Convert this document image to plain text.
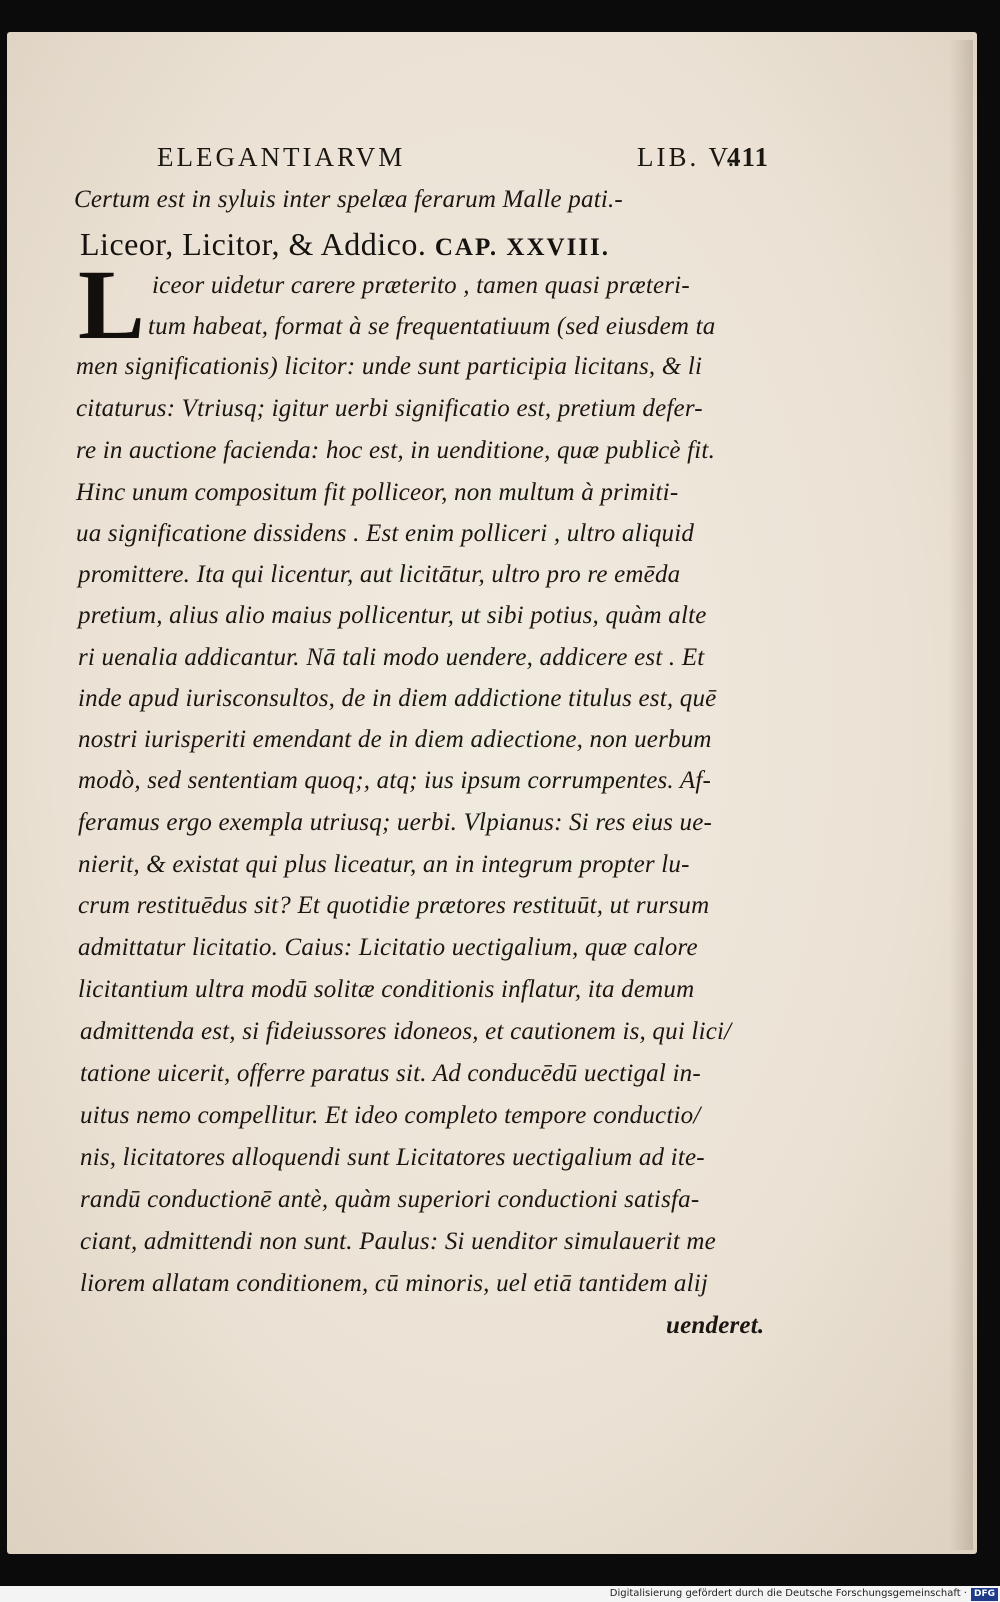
ELEGANTIARVM	LIB. V.
411
Certum est in syluis inter spelæa ferarum Malle pati.-
Liceor, Licitor, & Addico. CAP. XXVIII.
L iceor uidetur carere præterito , tamen quasi præteri-
tum habeat, format à se frequentatiuum (sed eiusdem ta
men significationis) licitor: unde sunt participia licitans, & li
citaturus: Vtriusq; igitur uerbi significatio est, pretium defer-
re in auctione facienda: hoc est, in uenditione, quæ publicè fit.
Hinc unum compositum fit polliceor, non multum à primiti-
ua significatione dissidens . Est enim polliceri , ultro aliquid
promittere. Ita qui licentur, aut licitātur, ultro pro re emēda
pretium, alius alio maius pollicentur, ut sibi potius, quàm alte
ri uenalia addicantur. Nā tali modo uendere, addicere est . Et
inde apud iurisconsultos, de in diem addictione titulus est, quē
nostri iurisperiti emendant de in diem adiectione, non uerbum
modò, sed sententiam quoq;, atq; ius ipsum corrumpentes. Af-
feramus ergo exempla utriusq; uerbi. Vlpianus: Si res eius ue-
nierit, & existat qui plus liceatur, an in integrum propter lu-
crum restituēdus sit? Et quotidie prætores restituūt, ut rursum
admittatur licitatio. Caius: Licitatio uectigalium, quæ calore
licitantium ultra modū solitæ conditionis inflatur, ita demum
admittenda est, si fideiussores idoneos, et cautionem is, qui lici/
tatione uicerit, offerre paratus sit. Ad conducēdū uectigal in-
uitus nemo compellitur. Et ideo completo tempore conductio/
nis, licitatores alloquendi sunt Licitatores uectigalium ad ite-
randū conductionē antè, quàm superiori conductioni satisfa-
ciant, admittendi non sunt. Paulus: Si uenditor simulauerit me
liorem allatam conditionem, cū minoris, uel etiā tantidem alij
uenderet.
Digitalisierung gefördert durch die Deutsche Forschungsgemeinschaft · DFG
